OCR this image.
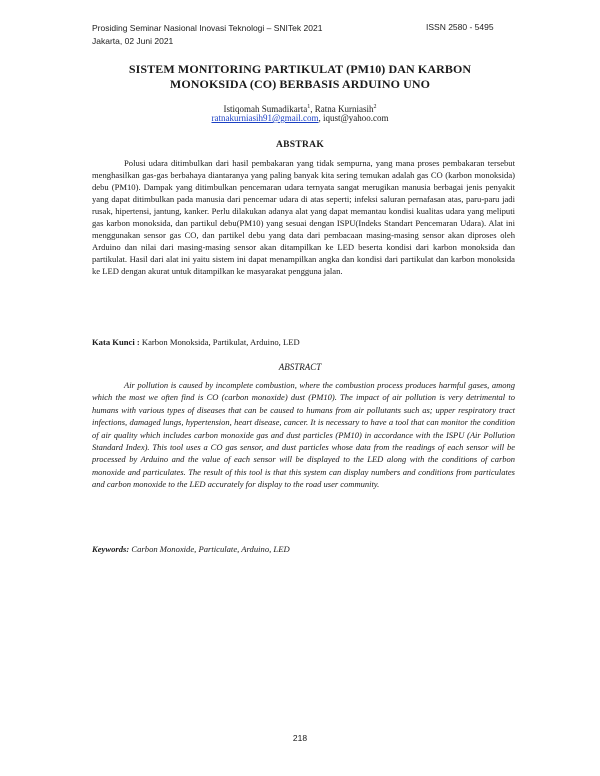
Prosiding Seminar Nasional Inovasi Teknologi – SNITek 2021
Jakarta, 02 Juni 2021
ISSN 2580 - 5495
SISTEM MONITORING PARTIKULAT (PM10) DAN KARBON
MONOKSIDA (CO) BERBASIS ARDUINO UNO
Istiqomah Sumadikarta$^1$, Ratna Kurniasih$^2$
ratnakurniasih91@gmail.com, iqust@yahoo.com
ABSTRAK

Polusi udara ditimbulkan dari hasil pembakaran yang tidak sempurna, yang mana proses pembakaran tersebut menghasilkan gas-gas berbahaya diantaranya yang paling banyak kita sering temukan adalah gas CO (karbon monoksida) debu (PM10). Dampak yang ditimbulkan pencemaran udara ternyata sangat merugikan manusia berbagai jenis penyakit yang dapat ditimbulkan pada manusia dari pencemar udara di atas seperti; infeksi saluran pernafasan atas, paru-paru jadi rusak, hipertensi, jantung, kanker. Perlu dilakukan adanya alat yang dapat memantau kondisi kualitas udara yang meliputi gas karbon monoksida, dan partikul debu(PM10) yang sesuai dengan ISPU(Indeks Standart Pencemaran Udara). Alat ini menggunakan sensor gas CO, dan partikel debu yang data dari pembacaan masing-masing sensor akan diproses oleh Arduino dan nilai dari masing-masing sensor akan ditampilkan ke LED beserta kondisi dari karbon monoksida dan partikulat. Hasil dari alat ini yaitu sistem ini dapat menampilkan angka dan kondisi dari partikulat dan karbon monoksida ke LED dengan akurat untuk ditampilkan ke masyarakat pengguna jalan.

Kata Kunci : Karbon Monoksida, Partikulat, Arduino, LED
ABSTRACT

Air pollution is caused by incomplete combustion, where the combustion process produces harmful gases, among which the most we often find is CO (carbon monoxide) dust (PM10). The impact of air pollution is very detrimental to humans with various types of diseases that can be caused to humans from air pollutants such as; upper respiratory tract infections, damaged lungs, hypertension, heart disease, cancer. It is necessary to have a tool that can monitor the condition of air quality which includes carbon monoxide gas and dust particles (PM10) in accordance with the ISPU (Air Pollution Standard Index). This tool uses a CO gas sensor, and dust particles whose data from the readings of each sensor will be processed by Arduino and the value of each sensor will be displayed to the LED along with the conditions of carbon monoxide and particulates. The result of this tool is that this system can display numbers and conditions from particulates and carbon monoxide to the LED accurately for display to the road user community.

Keywords: Carbon Monoxide, Particulate, Arduino, LED
218
